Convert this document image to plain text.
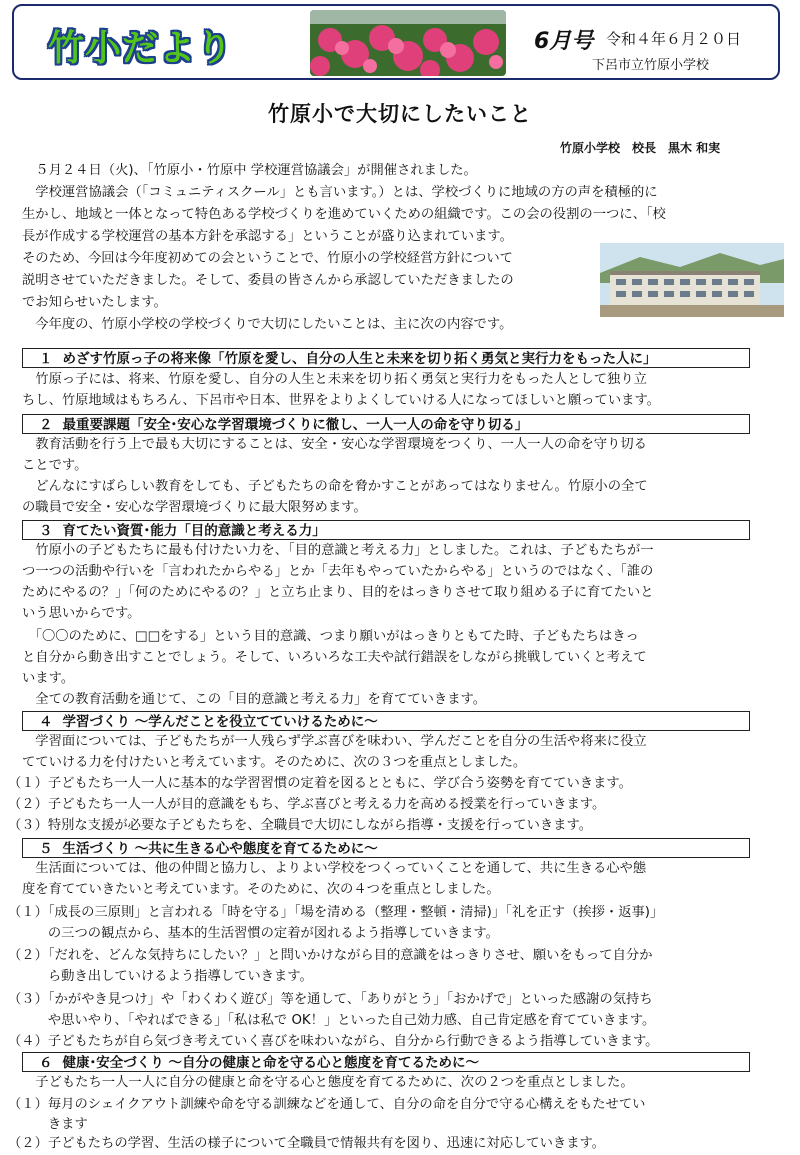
竹小だより	6月号 令和４年６月２０日
下呂市立竹原小学校
竹原小で大切にしたいこと
竹原小学校　校長　黒木 和実
　５月２４日（火)、「竹原小・竹原中 学校運営協議会」が開催されました。
　学校運営協議会（「コミュニティスクール」とも言います。）とは、学校づくりに地域の方の声を積極的に
生かし、地域と一体となって特色ある学校づくりを進めていくための組織です。この会の役割の一つに、「校
長が作成する学校運営の基本方針を承認する」ということが盛り込まれています。
そのため、今回は今年度初めての会ということで、竹原小の学校経営方針について
説明させていただきました。そして、委員の皆さんから承認していただきましたの
でお知らせいたします。
　今年度の、竹原小学校の学校づくりで大切にしたいことは、主に次の内容です。
１ めざす竹原っ子の将来像「竹原を愛し、自分の人生と未来を切り拓く勇気と実行力をもった人に」
　竹原っ子には、将来、竹原を愛し、自分の人生と未来を切り拓く勇気と実行力をもった人として独り立
ちし、竹原地域はもちろん、下呂市や日本、世界をよりよくしていける人になってほしいと願っています。
２ 最重要課題「安全･安心な学習環境づくりに徹し、一人一人の命を守り切る」
　教育活動を行う上で最も大切にすることは、安全・安心な学習環境をつくり、一人一人の命を守り切る
ことです。
　どんなにすばらしい教育をしても、子どもたちの命を脅かすことがあってはなりません。竹原小の全て
の職員で安全・安心な学習環境づくりに最大限努めます。
３ 育てたい資質･能力「目的意識と考える力」
　竹原小の子どもたちに最も付けたい力を、「目的意識と考える力」としました。これは、子どもたちが一
つ一つの活動や行いを「言われたからやる」とか「去年もやっていたからやる」というのではなく、「誰の
ためにやるの？」「何のためにやるの？」と立ち止まり、目的をはっきりさせて取り組める子に育てたいと
いう思いからです。
　「〇〇のために、□□をする」という目的意識、つまり願いがはっきりともてた時、子どもたちはきっ
と自分から動き出すことでしょう。そして、いろいろな工夫や試行錯誤をしながら挑戦していくと考えて
います。
　全ての教育活動を通じて、この「目的意識と考える力」を育てていきます。
４ 学習づくり ～学んだことを役立てていけるために～
　学習面については、子どもたちが一人残らず学ぶ喜びを味わい、学んだことを自分の生活や将来に役立
てていける力を付けたいと考えています。そのために、次の３つを重点としました。
（１）子どもたち一人一人に基本的な学習習慣の定着を図るとともに、学び合う姿勢を育てていきます。
（２）子どもたち一人一人が目的意識をもち、学ぶ喜びと考える力を高める授業を行っていきます。
（３）特別な支援が必要な子どもたちを、全職員で大切にしながら指導・支援を行っていきます。
５ 生活づくり ～共に生きる心や態度を育てるために～
　生活面については、他の仲間と協力し、よりよい学校をつくっていくことを通して、共に生きる心や態
度を育てていきたいと考えています。そのために、次の４つを重点としました。
（１）「成長の三原則」と言われる「時を守る」「場を清める（整理・整頓・清掃)」「礼を正す（挨拶・返事)」
　　　の三つの観点から、基本的生活習慣の定着が図れるよう指導していきます。
（２）「だれを、どんな気持ちにしたい？」と問いかけながら目的意識をはっきりさせ、願いをもって自分か
　　　ら動き出していけるよう指導していきます。
（３）「かがやき見つけ」や「わくわく遊び」等を通して、「ありがとう」「おかげで」といった感謝の気持ち
　　　や思いやり、「やればできる」「私は私で OK！」といった自己効力感、自己肯定感を育てていきます。
（４）子どもたちが自ら気づき考えていく喜びを味わいながら、自分から行動できるよう指導していきます。
６ 健康･安全づくり ～自分の健康と命を守る心と態度を育てるために～
　子どもたち一人一人に自分の健康と命を守る心と態度を育てるために、次の２つを重点としました。
（１）毎月のシェイクアウト訓練や命を守る訓練などを通して、自分の命を自分で守る心構えをもたせてい
　　　きます
（２）子どもたちの学習、生活の様子について全職員で情報共有を図り、迅速に対応していきます。
